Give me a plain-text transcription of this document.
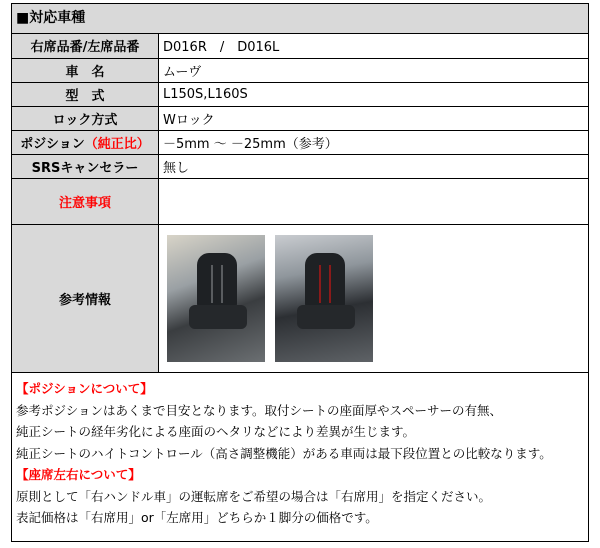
■対応車種
右席品番/左席品番	D016R　/　D016L
車　名	ムーヴ
型　式	L150S,L160S
ロック方式	Wロック
ポジション（純正比）	－5mm ～ －25mm（参考）
SRSキャンセラー	無し
注意事項	
参考情報	
【ポジションについて】
参考ポジションはあくまで目安となります。取付シートの座面厚やスペーサーの有無、
純正シートの経年劣化による座面のヘタリなどにより差異が生じます。
純正シートのハイトコントロール（高さ調整機能）がある車両は最下段位置との比較なります。
【座席左右について】
原則として「右ハンドル車」の運転席をご希望の場合は「右席用」を指定ください。
表記価格は「右席用」or「左席用」どちらか１脚分の価格です。
